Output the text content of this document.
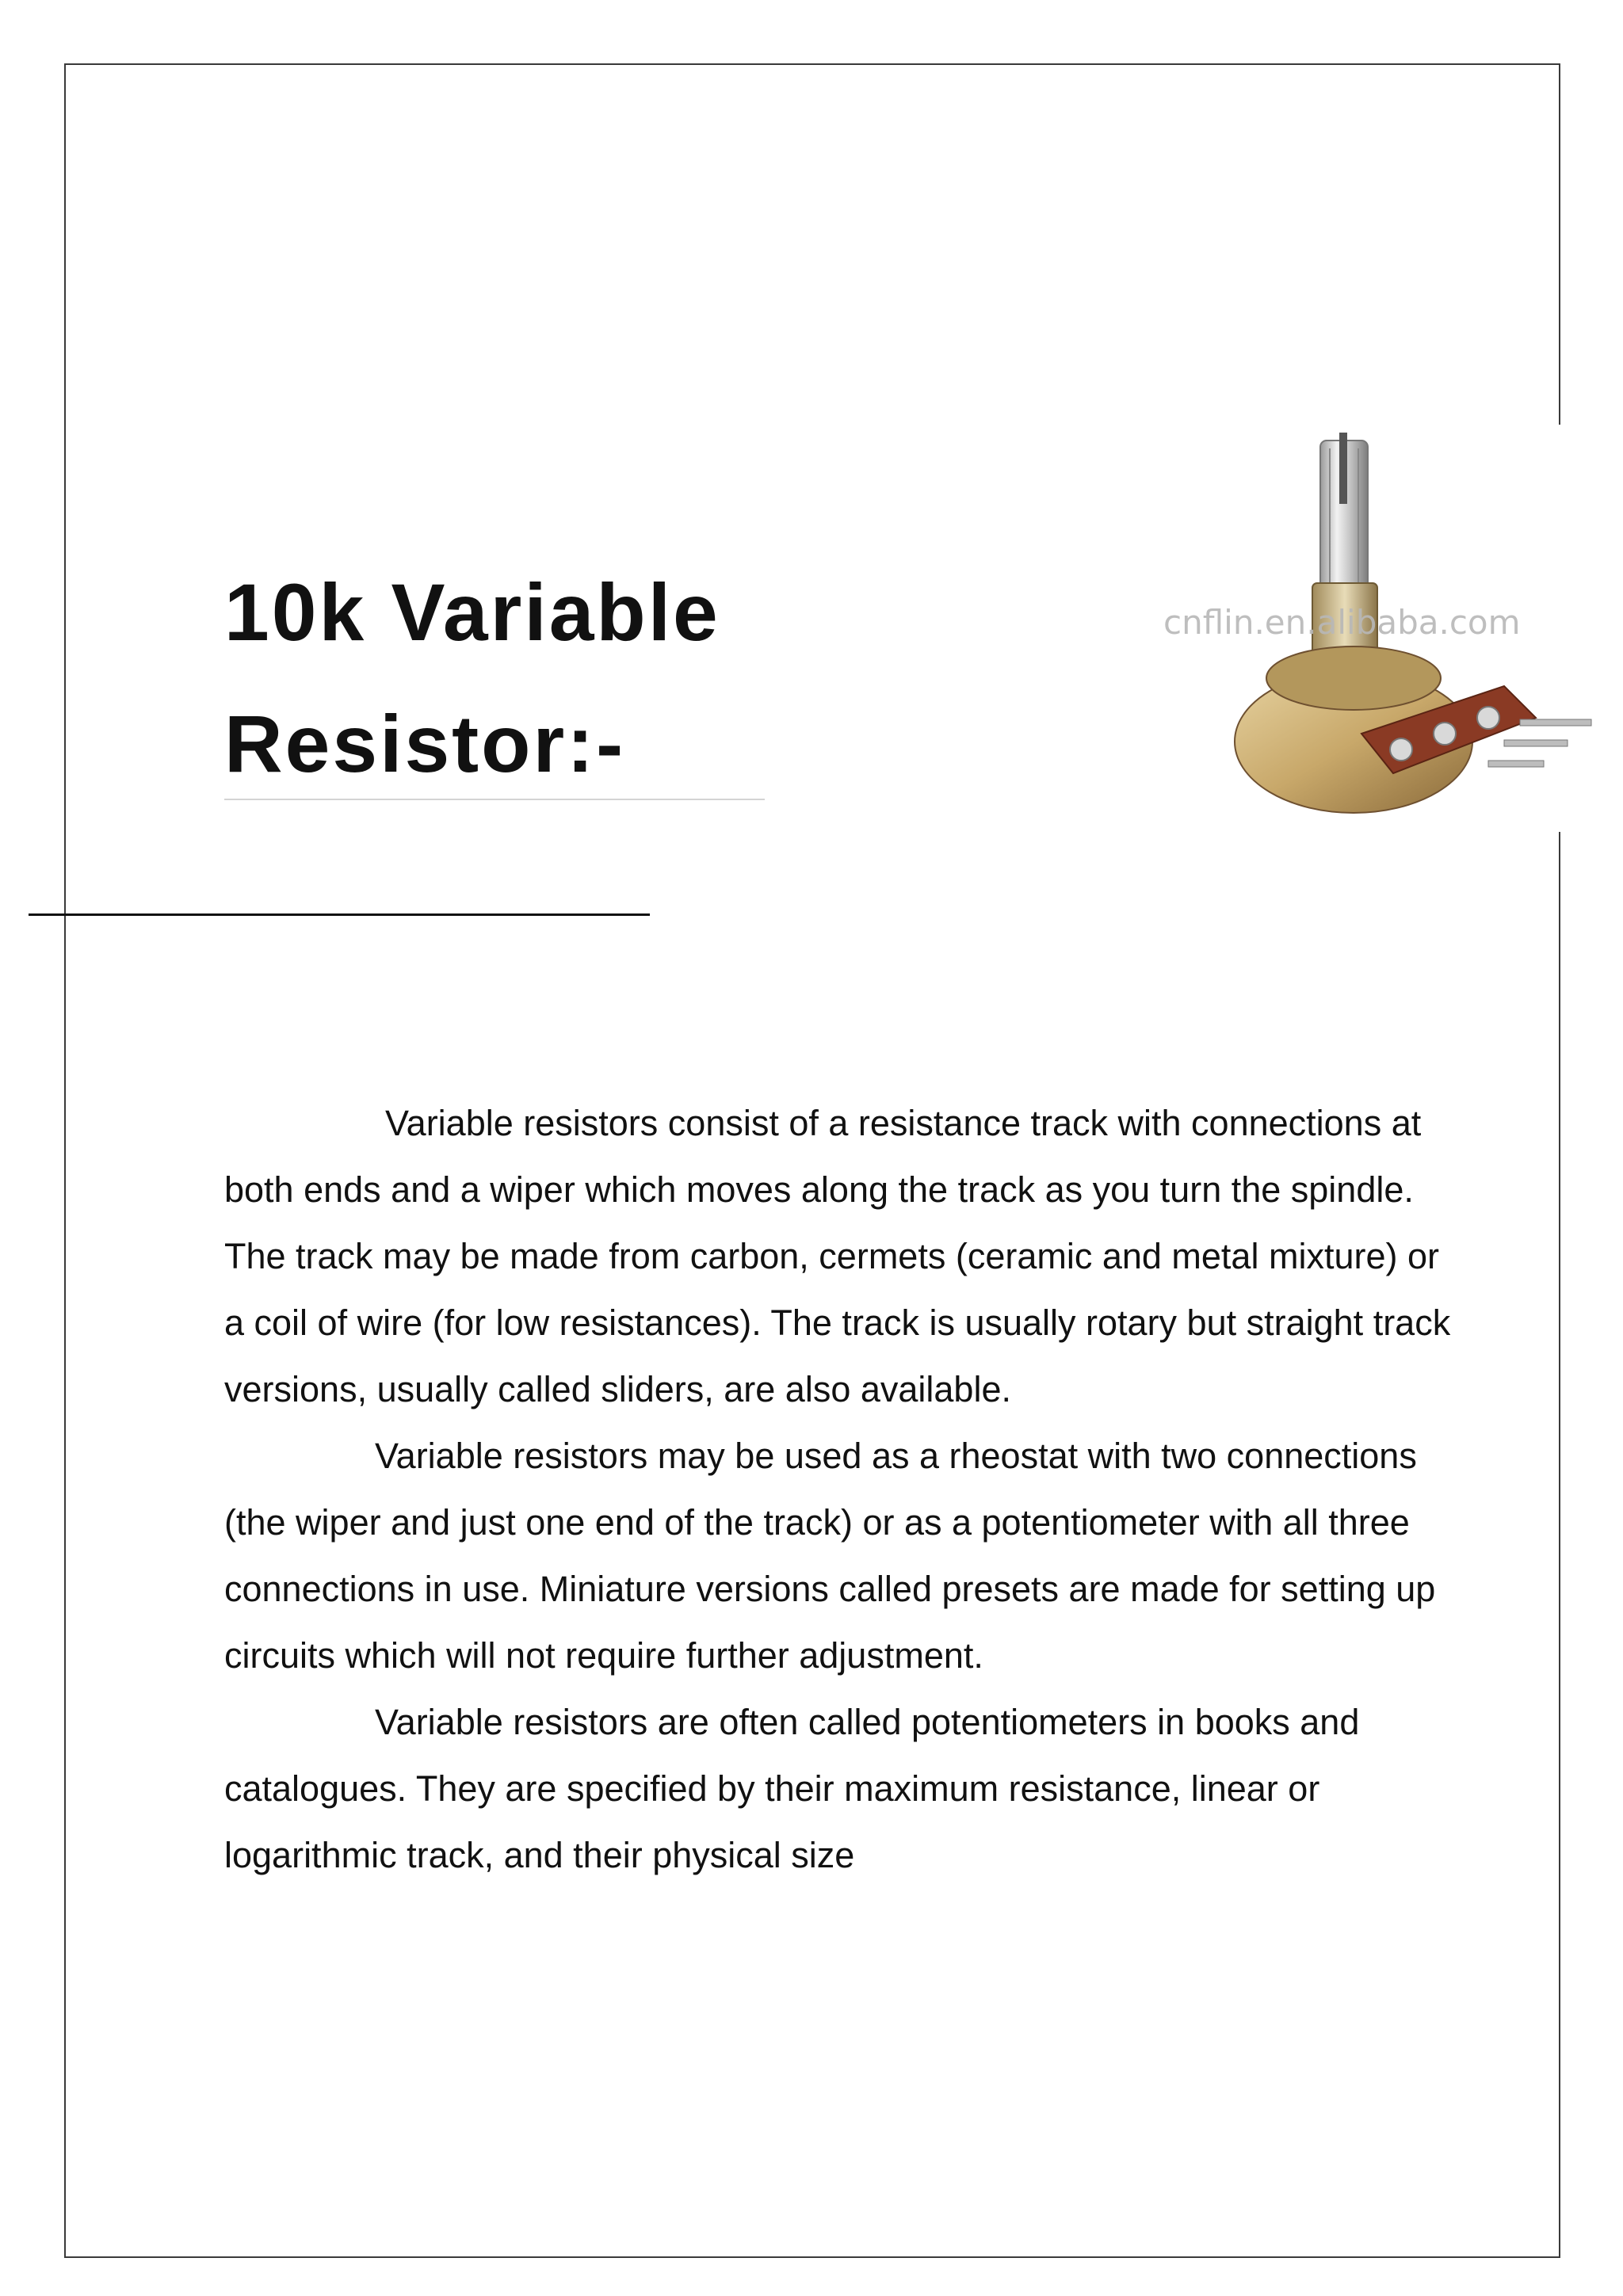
10k Variable
Resistor:-
cnflin.en.alibaba.com

Variable resistors consist of a resistance track with connections at both ends and a wiper which moves along the track as you turn the spindle. The track may be made from carbon, cermets (ceramic and metal mixture) or a coil of wire (for low resistances). The track is usually rotary but straight track versions, usually called sliders, are also available.

Variable resistors may be used as a rheostat with two connections (the wiper and just one end of the track) or as a potentiometer with all three connections in use. Miniature versions called presets are made for setting up circuits which will not require further adjustment.

Variable resistors are often called potentiometers in books and catalogues. They are specified by their maximum resistance, linear or logarithmic track, and their physical size
